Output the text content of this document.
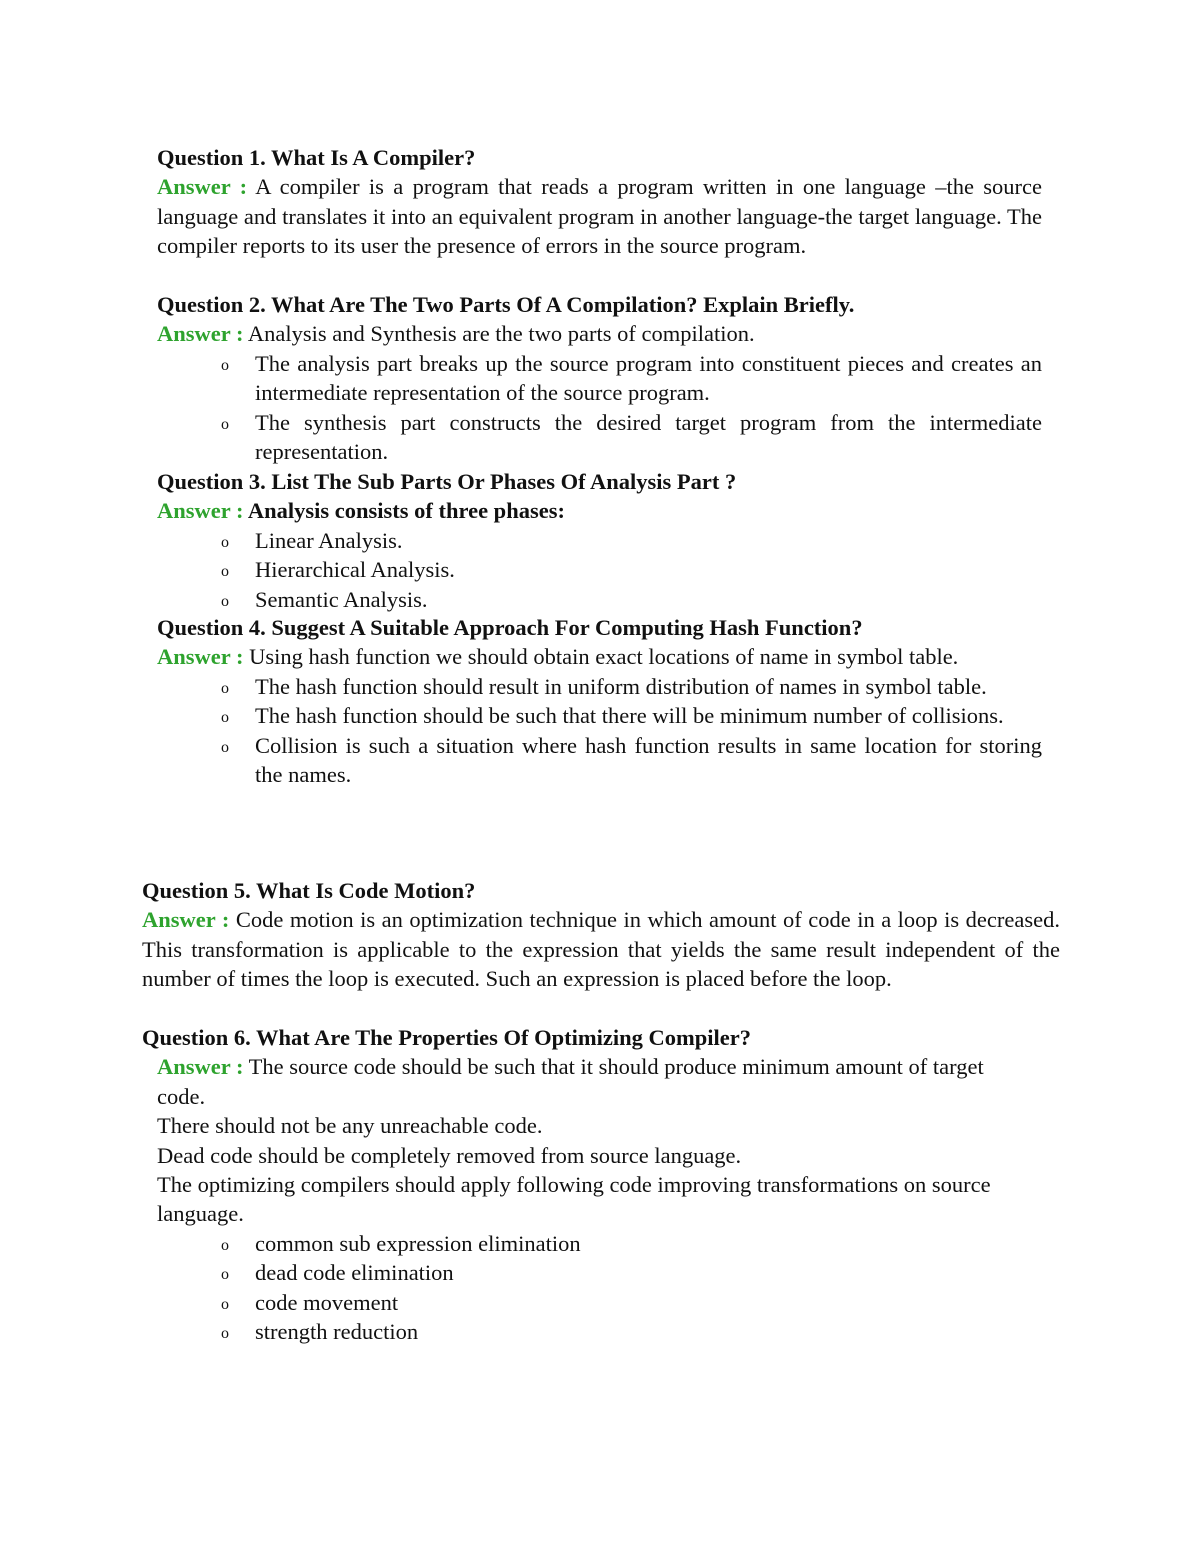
Question 1. What Is A Compiler?

Answer : A compiler is a program that reads a program written in one language –the source language and translates it into an equivalent program in another language-the target language. The compiler reports to its user the presence of errors in the source program.

Question 2. What Are The Two Parts Of A Compilation? Explain Briefly.

Answer : Analysis and Synthesis are the two parts of compilation.

o The analysis part breaks up the source program into constituent pieces and creates an intermediate representation of the source program.
o The synthesis part constructs the desired target program from the intermediate representation.

Question 3. List The Sub Parts Or Phases Of Analysis Part ?

Answer : Analysis consists of three phases:

o Linear Analysis.
o Hierarchical Analysis.
o Semantic Analysis.

Question 4. Suggest A Suitable Approach For Computing Hash Function?

Answer : Using hash function we should obtain exact locations of name in symbol table.

o The hash function should result in uniform distribution of names in symbol table.
o The hash function should be such that there will be minimum number of collisions.
o Collision is such a situation where hash function results in same location for storing the names.

Question 5. What Is Code Motion?

Answer : Code motion is an optimization technique in which amount of code in a loop is decreased. This transformation is applicable to the expression that yields the same result independent of the number of times the loop is executed. Such an expression is placed before the loop.

Question 6. What Are The Properties Of Optimizing Compiler?

Answer : The source code should be such that it should produce minimum amount of target code.

There should not be any unreachable code.

Dead code should be completely removed from source language.

The optimizing compilers should apply following code improving transformations on source language.

o common sub expression elimination
o dead code elimination
o code movement
o strength reduction
